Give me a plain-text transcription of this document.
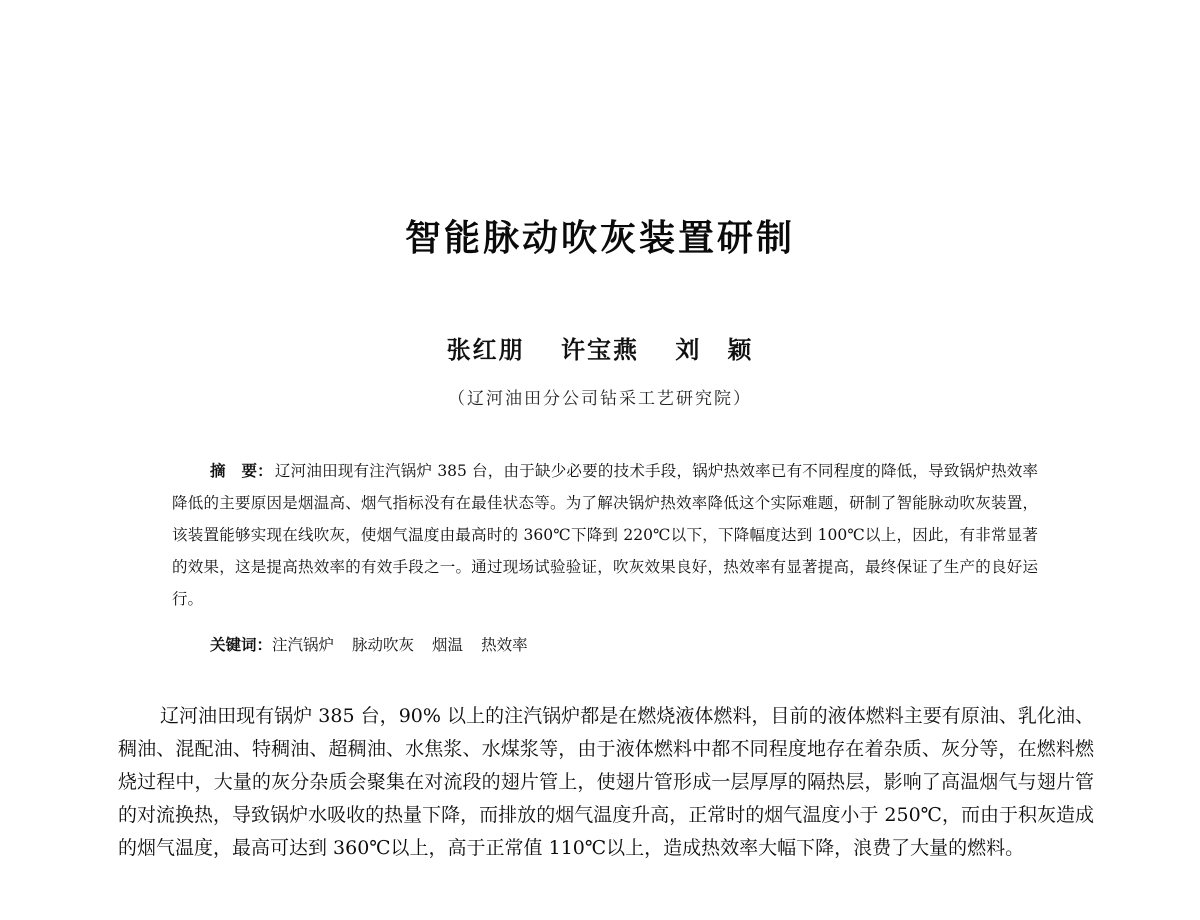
智能脉动吹灰装置研制
张红朋 许宝燕 刘　颖
（辽河油田分公司钻采工艺研究院）
摘　要： 辽河油田现有注汽锅炉 385 台，由于缺少必要的技术手段，锅炉热效率已有不同程度的降低，导致锅炉热效率降低的主要原因是烟温高、烟气指标没有在最佳状态等。为了解决锅炉热效率降低这个实际难题，研制了智能脉动吹灰装置，该装置能够实现在线吹灰，使烟气温度由最高时的 360℃下降到 220℃以下，下降幅度达到 100℃以上，因此，有非常显著的效果，这是提高热效率的有效手段之一。通过现场试验验证，吹灰效果良好，热效率有显著提高，最终保证了生产的良好运行。
关键词：注汽锅炉 脉动吹灰 烟温 热效率
辽河油田现有锅炉 385 台，90% 以上的注汽锅炉都是在燃烧液体燃料，目前的液体燃料主要有原油、乳化油、稠油、混配油、特稠油、超稠油、水焦浆、水煤浆等，由于液体燃料中都不同程度地存在着杂质、灰分等，在燃料燃烧过程中，大量的灰分杂质会聚集在对流段的翅片管上，使翅片管形成一层厚厚的隔热层，影响了高温烟气与翅片管的对流换热，导致锅炉水吸收的热量下降，而排放的烟气温度升高，正常时的烟气温度小于 250℃，而由于积灰造成的烟气温度，最高可达到 360℃以上，高于正常值 110℃以上，造成热效率大幅下降，浪费了大量的燃料。
